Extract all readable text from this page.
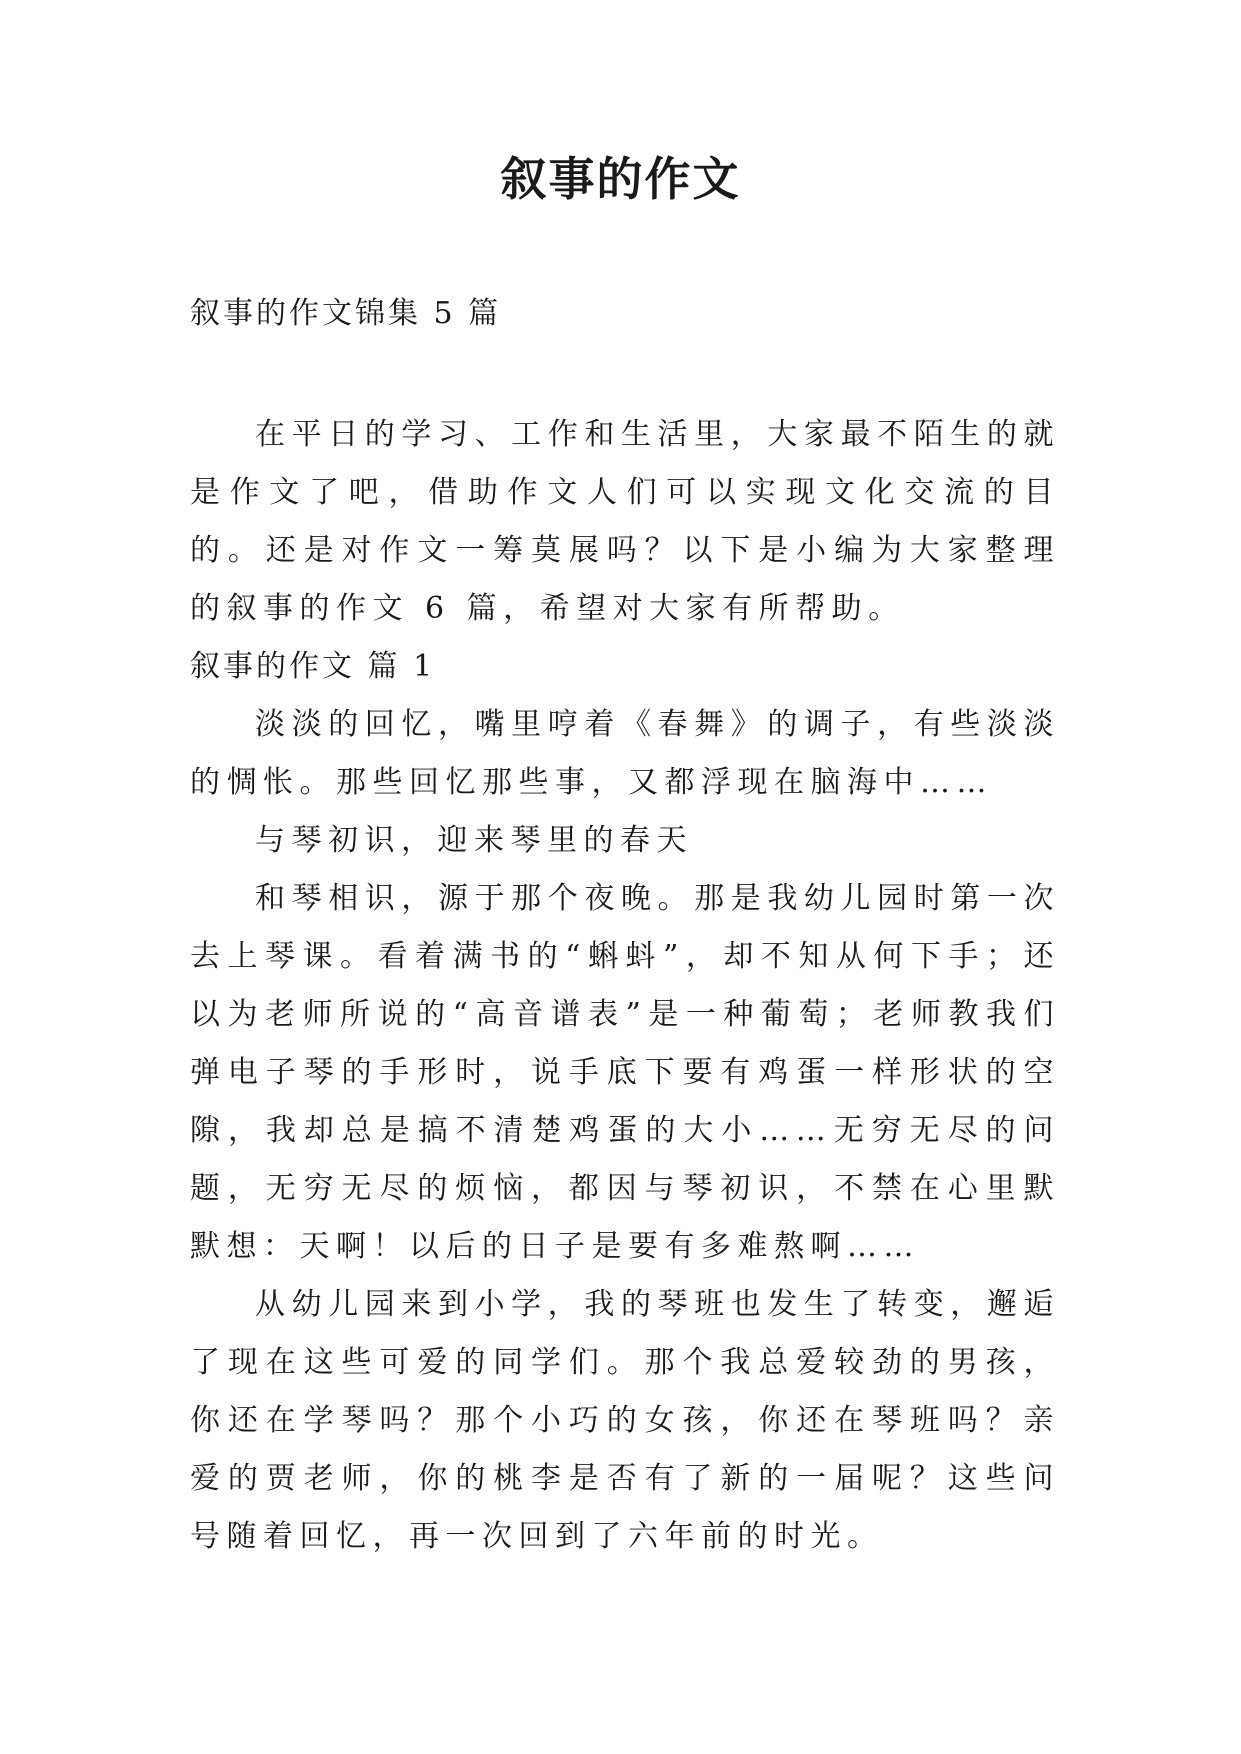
叙事的作文

叙事的作文锦集 5 篇

在平日的学习、工作和生活里，大家最不陌生的就是作文了吧，借助作文人们可以实现文化交流的目的。还是对作文一筹莫展吗？以下是小编为大家整理的叙事的作文 6 篇，希望对大家有所帮助。

叙事的作文 篇 1

淡淡的回忆，嘴里哼着《春舞》的调子，有些淡淡的惆怅。那些回忆那些事，又都浮现在脑海中……

与琴初识，迎来琴里的春天

和琴相识，源于那个夜晚。那是我幼儿园时第一次去上琴课。看着满书的“蝌蚪”，却不知从何下手；还以为老师所说的“高音谱表”是一种葡萄；老师教我们弹电子琴的手形时，说手底下要有鸡蛋一样形状的空隙，我却总是搞不清楚鸡蛋的大小……无穷无尽的问题，无穷无尽的烦恼，都因与琴初识，不禁在心里默默想：天啊！以后的日子是要有多难熬啊……

从幼儿园来到小学，我的琴班也发生了转变，邂逅了现在这些可爱的同学们。那个我总爱较劲的男孩，你还在学琴吗？那个小巧的女孩，你还在琴班吗？亲爱的贾老师，你的桃李是否有了新的一届呢？这些问号随着回忆，再一次回到了六年前的时光。
